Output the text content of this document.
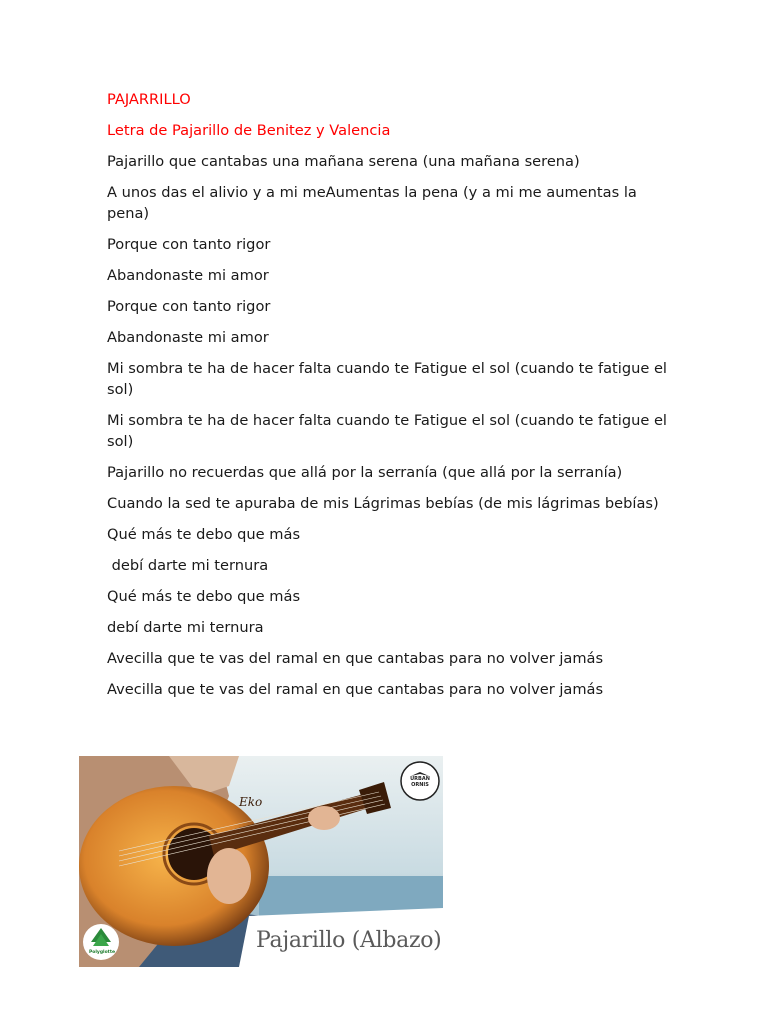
PAJARRILLO

Letra de Pajarillo de Benitez y Valencia

Pajarillo que cantabas una mañana serena (una mañana serena)

A unos das el alivio y a mi meAumentas la pena (y a mi me aumentas la pena)

Porque con tanto rigor

Abandonaste mi amor

Porque con tanto rigor

Abandonaste mi amor

Mi sombra te ha de hacer falta cuando te Fatigue el sol (cuando te fatigue el sol)

Mi sombra te ha de hacer falta cuando te Fatigue el sol (cuando te fatigue el sol)

Pajarillo no recuerdas que allá por la serranía (que allá por la serranía)

Cuando la sed te apuraba de mis Lágrimas bebías (de mis lágrimas bebías)

Qué más te debo que más

debí darte mi ternura

Qué más te debo que más

debí darte mi ternura

Avecilla que te vas del ramal en que cantabas para no volver jamás

Avecilla que te vas del ramal en que cantabas para no volver jamás

Eko
URBAN ORNIS
Polyglotte	Pajarillo (Albazo)
